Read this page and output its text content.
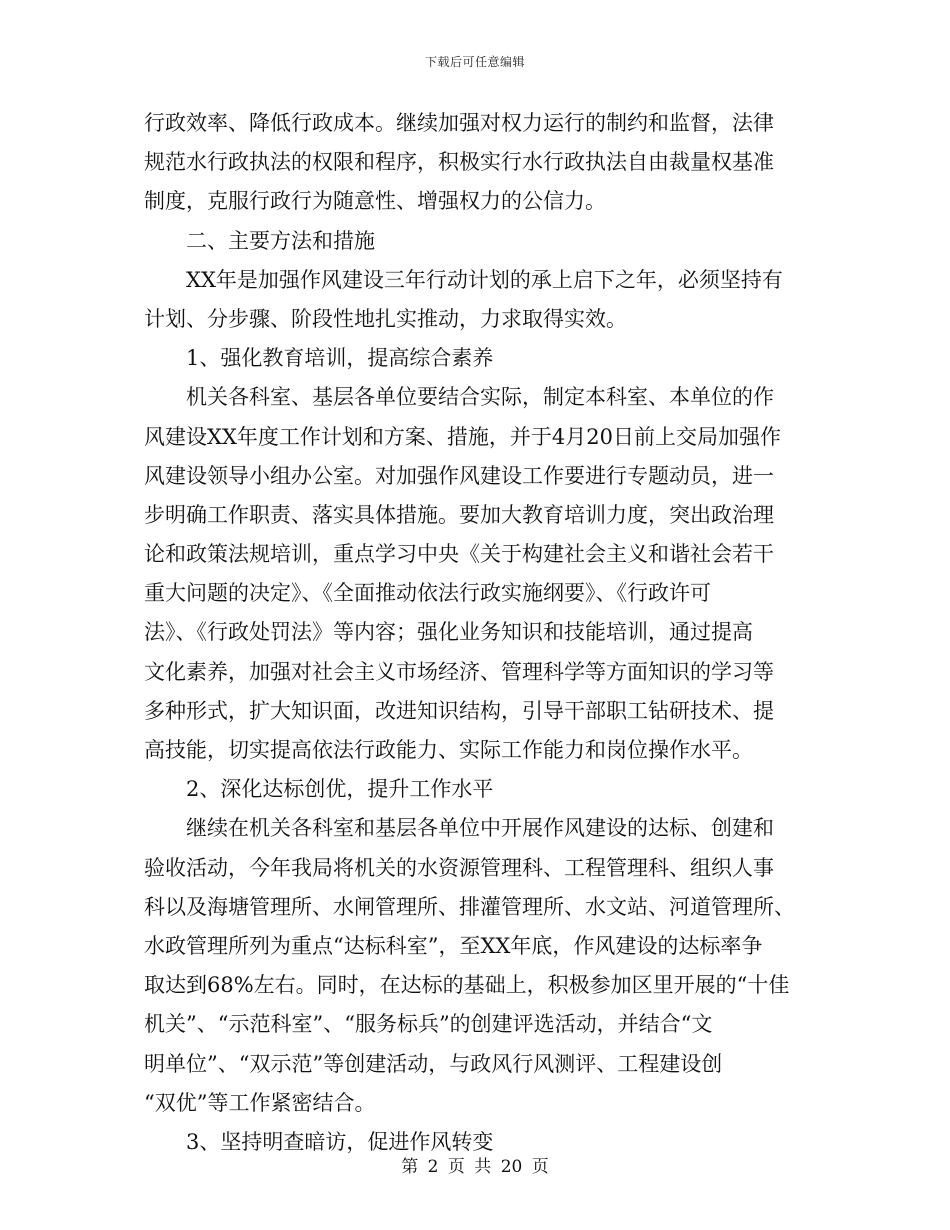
下载后可任意编辑
行政效率、降低行政成本。继续加强对权力运行的制约和监督，法律
规范水行政执法的权限和程序，积极实行水行政执法自由裁量权基准
制度，克服行政行为随意性、增强权力的公信力。
二、主要方法和措施
XX年是加强作风建设三年行动计划的承上启下之年，必须坚持有
计划、分步骤、阶段性地扎实推动，力求取得实效。
1、强化教育培训，提高综合素养
机关各科室、基层各单位要结合实际，制定本科室、本单位的作
风建设XX年度工作计划和方案、措施，并于4月20日前上交局加强作
风建设领导小组办公室。对加强作风建设工作要进行专题动员，进一
步明确工作职责、落实具体措施。要加大教育培训力度，突出政治理
论和政策法规培训，重点学习中央《关于构建社会主义和谐社会若干
重大问题的决定》、《全面推动依法行政实施纲要》、《行政许可
法》、《行政处罚法》等内容；强化业务知识和技能培训，通过提高
文化素养，加强对社会主义市场经济、管理科学等方面知识的学习等
多种形式，扩大知识面，改进知识结构，引导干部职工钻研技术、提
高技能，切实提高依法行政能力、实际工作能力和岗位操作水平。
2、深化达标创优，提升工作水平
继续在机关各科室和基层各单位中开展作风建设的达标、创建和
验收活动，今年我局将机关的水资源管理科、工程管理科、组织人事
科以及海塘管理所、水闸管理所、排灌管理所、水文站、河道管理所、
水政管理所列为重点“达标科室”，至XX年底，作风建设的达标率争
取达到68%左右。同时，在达标的基础上，积极参加区里开展的“十佳
机关”、“示范科室”、“服务标兵”的创建评选活动，并结合“文
明单位”、“双示范”等创建活动，与政风行风测评、工程建设创
“双优”等工作紧密结合。
3、坚持明查暗访，促进作风转变
第 2 页 共 20 页
